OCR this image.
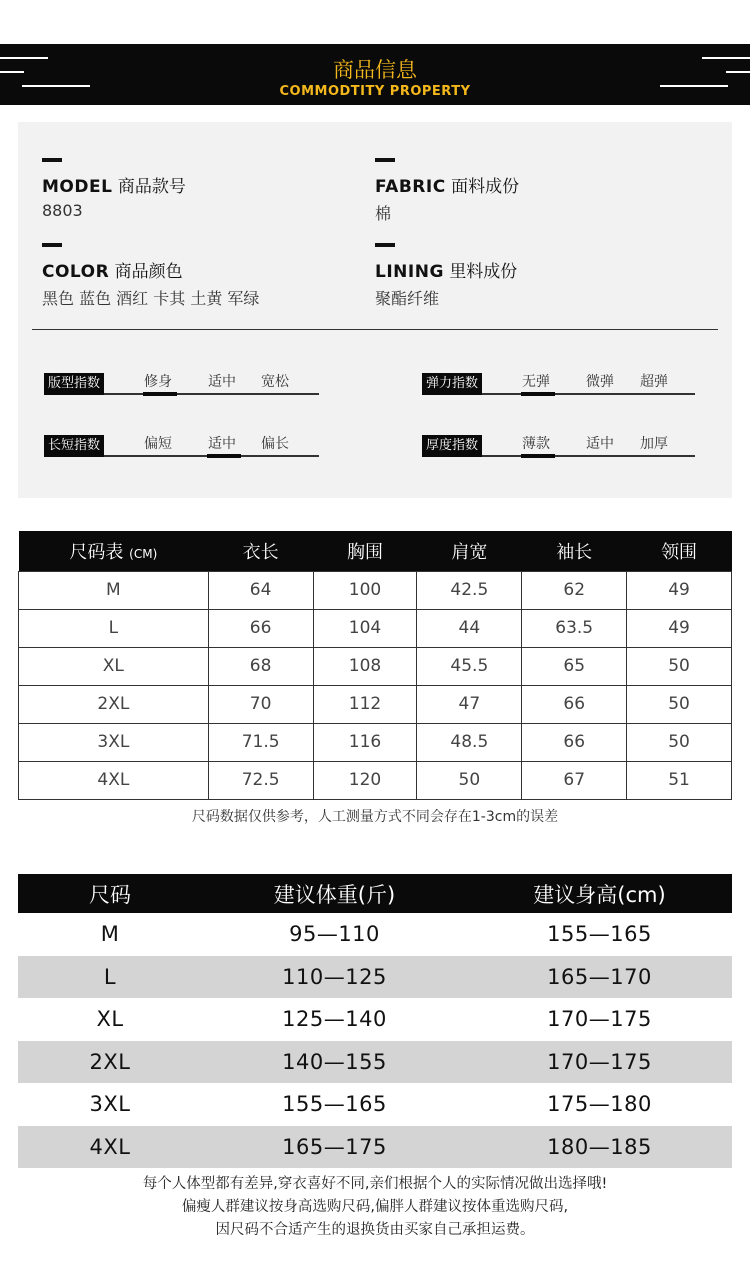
商品信息
COMMODTITY PROPERTY
MODEL 商品款号
8803
FABRIC 面料成份
棉
COLOR 商品颜色
黑色 蓝色 酒红 卡其 土黄 军绿
LINING 里料成份
聚酯纤维
版型指数	修身	适中 宽松	弹力指数	无弹	微弹 超弹
长短指数	偏短	适中 偏长	厚度指数	薄款	适中 加厚
尺码表 (CM)	衣长	胸围	肩宽	袖长	领围
M	64	100	42.5	62	49
L	66	104	44	63.5	49
XL	68	108	45.5	65	50
2XL	70	112	47	66	50
3XL	71.5	116	48.5	66	50
4XL	72.5	120	50	67	51
尺码数据仅供参考，人工测量方式不同会存在1-3cm的误差
尺码	建议体重(斤)	建议身高(cm)
M	95—110	155—165
L	110—125	165—170
XL	125—140	170—175
2XL	140—155	170—175
3XL	155—165	175—180
4XL	165—175	180—185
每个人体型都有差异,穿衣喜好不同,亲们根据个人的实际情况做出选择哦!
偏瘦人群建议按身高选购尺码,偏胖人群建议按体重选购尺码,
因尺码不合适产生的退换货由买家自己承担运费。
